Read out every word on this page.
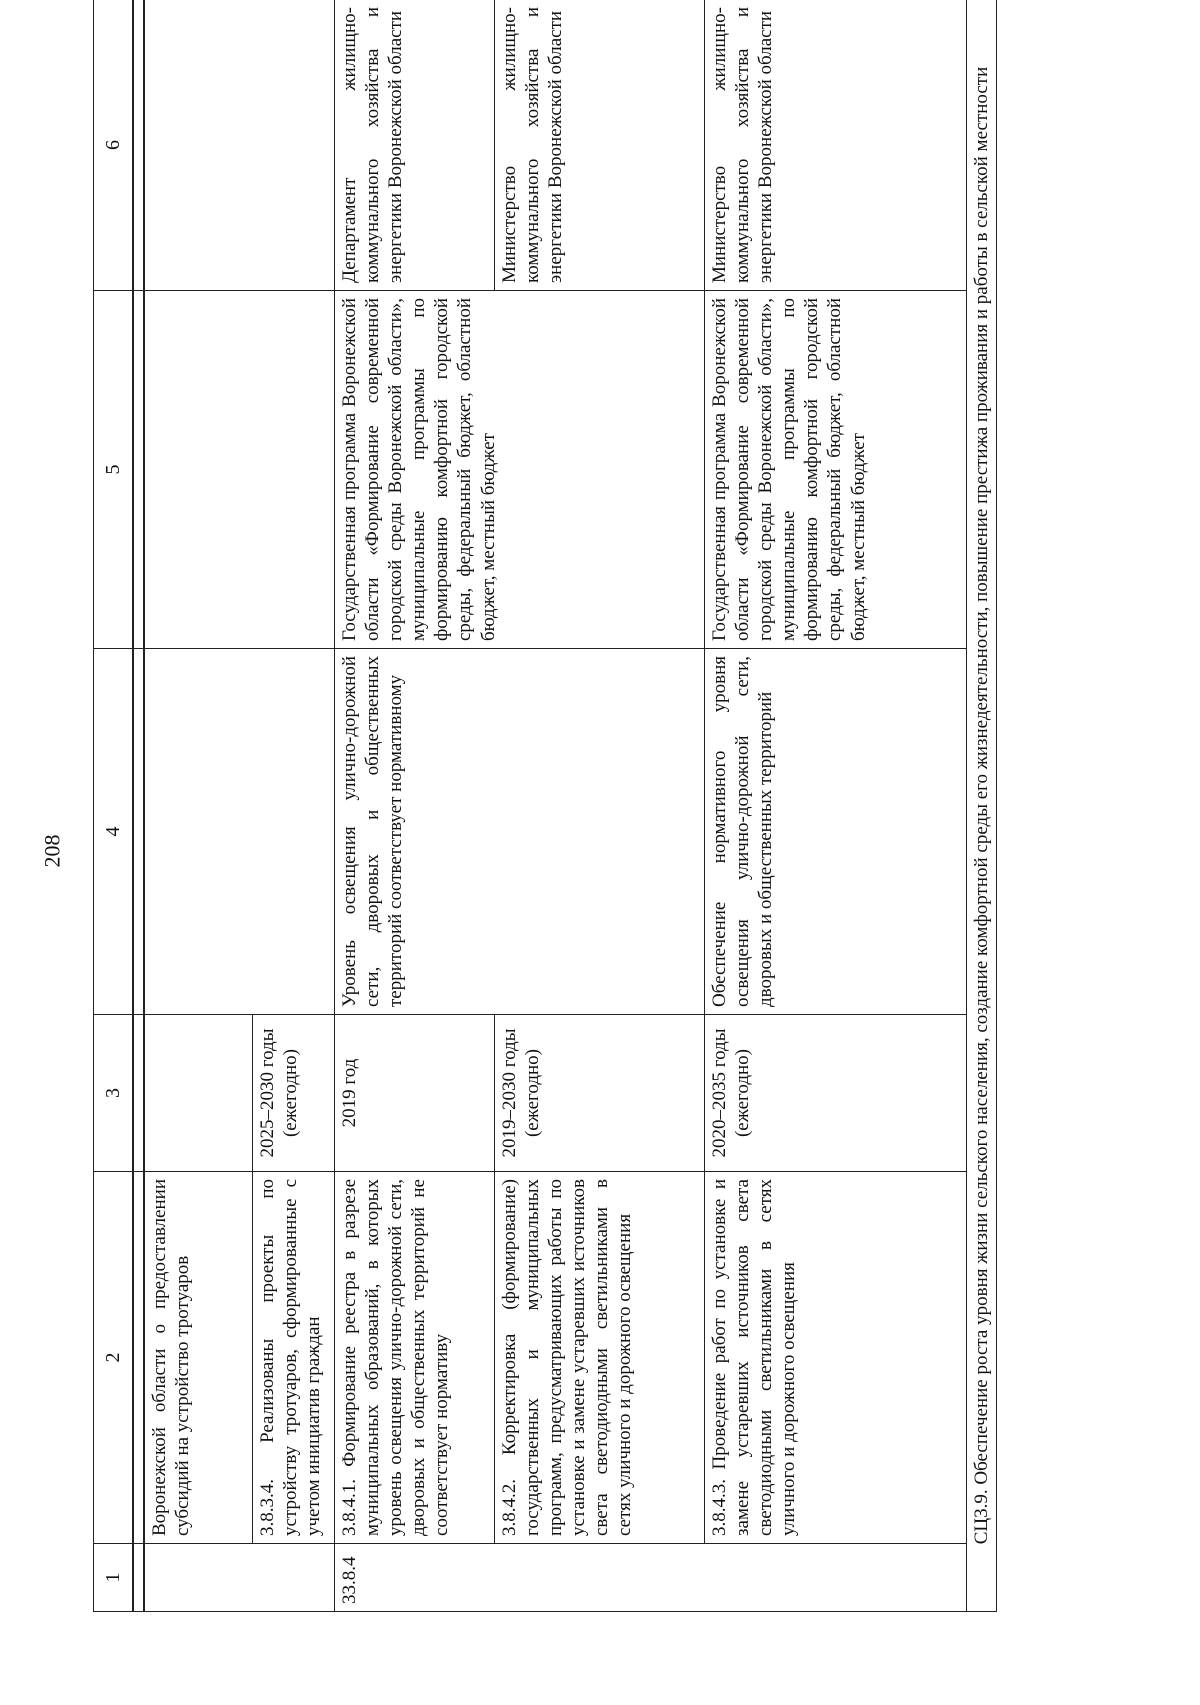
208
1	2	3	4	5	6

	Воронежской области о предоставлении субсидий на устройство тротуаров				
	3.8.3.4. Реализованы проекты по устройству тротуаров, сформированные с учетом инициатив граждан	2025–2030 годы (ежегодно)			
33.8.4	3.8.4.1. Формирование реестра в разрезе муниципальных образований, в которых уровень освещения улично-дорожной сети, дворовых и общественных территорий не соответствует нормативу	2019 год	Уровень освещения улично-дорожной сети, дворовых и общественных территорий соответствует нормативному	Государственная программа Воронежской области «Формирование современной городской среды Воронежской области», муниципальные программы по формированию комфортной городской среды, федеральный бюджет, областной бюджет, местный бюджет	Департамент жилищно-коммунального хозяйства и энергетики Воронежской области
	3.8.4.2. Корректировка (формирование) государственных и муниципальных программ, предусматривающих работы по установке и замене устаревших источников света светодиодными светильниками в сетях уличного и дорожного освещения	2019–2030 годы (ежегодно)			Министерство жилищно-коммунального хозяйства и энергетики Воронежской области
	3.8.4.3. Проведение работ по установке и замене устаревших источников света светодиодными светильниками в сетях уличного и дорожного освещения	2020–2035 годы (ежегодно)	Обеспечение нормативного уровня освещения улично-дорожной сети, дворовых и общественных территорий	Государственная программа Воронежской области «Формирование современной городской среды Воронежской области», муниципальные программы по формированию комфортной городской среды, федеральный бюджет, областной бюджет, местный бюджет	Министерство жилищно-коммунального хозяйства и энергетики Воронежской области
СЦ3.9. Обеспечение роста уровня жизни сельского населения, создание комфортной среды его жизнедеятельности, повышение престижа проживания и работы в сельской местности					
